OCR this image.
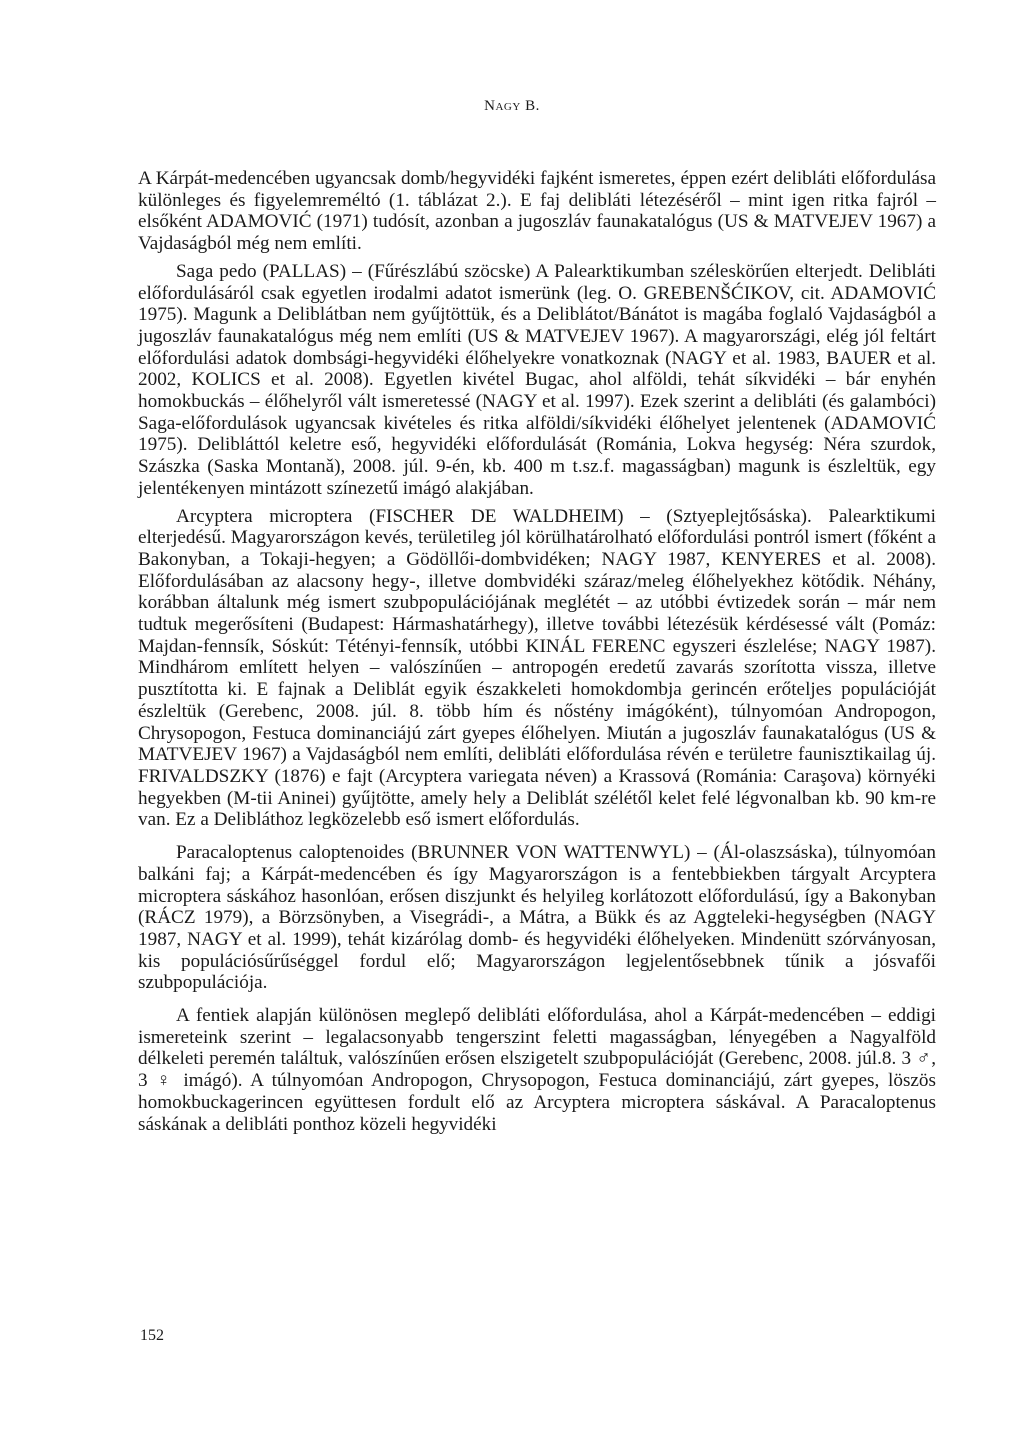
Nagy B.

A Kárpát-medencében ugyancsak domb/hegyvidéki fajként ismeretes, éppen ezért delibláti előfordulása különleges és figyelemreméltó (1. táblázat 2.). E faj delibláti létezéséről – mint igen ritka fajról – elsőként ADAMOVIĆ (1971) tudósít, azonban a jugoszláv faunakatalógus (US & MATVEJEV 1967) a Vajdaságból még nem említi.

Saga pedo (PALLAS) – (Fűrészlábú szöcske) A Palearktikumban széleskörűen elterjedt. Delibláti előfordulásáról csak egyetlen irodalmi adatot ismerünk (leg. O. GREBENŠĆIKOV, cit. ADAMOVIĆ 1975). Magunk a Deliblátban nem gyűjtöttük, és a Deliblátot/Bánátot is magába foglaló Vajdaságból a jugoszláv faunakatalógus még nem említi (US & MATVEJEV 1967). A magyarországi, elég jól feltárt előfordulási adatok dombsági-hegyvidéki élőhelyekre vonatkoznak (NAGY et al. 1983, BAUER et al. 2002, KOLICS et al. 2008). Egyetlen kivétel Bugac, ahol alföldi, tehát síkvidéki – bár enyhén homokbuckás – élőhelyről vált ismeretessé (NAGY et al. 1997). Ezek szerint a delibláti (és galambóci) Saga-előfordulások ugyancsak kivételes és ritka alföldi/síkvidéki élőhelyet jelentenek (ADAMOVIĆ 1975). Delibláttól keletre eső, hegyvidéki előfordulását (Románia, Lokva hegység: Néra szurdok, Szászka (Saska Montanǎ), 2008. júl. 9-én, kb. 400 m t.sz.f. magasságban) magunk is észleltük, egy jelentékenyen mintázott színezetű imágó alakjában.

Arcyptera microptera (FISCHER DE WALDHEIM) – (Sztyeplejtősáska). Palearktikumi elterjedésű. Magyarországon kevés, területileg jól körülhatárolható előfordulási pontról ismert (főként a Bakonyban, a Tokaji-hegyen; a Gödöllői-dombvidéken; NAGY 1987, KENYERES et al. 2008). Előfordulásában az alacsony hegy-, illetve dombvidéki száraz/meleg élőhelyekhez kötődik. Néhány, korábban általunk még ismert szubpopulációjának meglétét – az utóbbi évtizedek során – már nem tudtuk megerősíteni (Budapest: Hármashatárhegy), illetve további létezésük kérdésessé vált (Pomáz: Majdan-fennsík, Sóskút: Tétényi-fennsík, utóbbi KINÁL FERENC egyszeri észlelése; NAGY 1987). Mindhárom említett helyen – valószínűen – antropogén eredetű zavarás szorította vissza, illetve pusztította ki. E fajnak a Deliblát egyik északkeleti homokdombja gerincén erőteljes populációját észleltük (Gerebenc, 2008. júl. 8. több hím és nőstény imágóként), túlnyomóan Andropogon, Chrysopogon, Festuca dominanciájú zárt gyepes élőhelyen. Miután a jugoszláv faunakatalógus (US & MATVEJEV 1967) a Vajdaságból nem említi, delibláti előfordulása révén e területre faunisztikailag új. FRIVALDSZKY (1876) e fajt (Arcyptera variegata néven) a Krassová (Románia: Caraşova) környéki hegyekben (M-tii Aninei) gyűjtötte, amely hely a Deliblát szélétől kelet felé légvonalban kb. 90 km-re van. Ez a Delibláthoz legközelebb eső ismert előfordulás.

Paracaloptenus caloptenoides (BRUNNER VON WATTENWYL) – (Ál-olaszsáska), túlnyomóan balkáni faj; a Kárpát-medencében és így Magyarországon is a fentebbiekben tárgyalt Arcyptera microptera sáskához hasonlóan, erősen diszjunkt és helyileg korlátozott előfordulású, így a Bakonyban (RÁCZ 1979), a Börzsönyben, a Visegrádi-, a Mátra, a Bükk és az Aggteleki-hegységben (NAGY 1987, NAGY et al. 1999), tehát kizárólag domb- és hegyvidéki élőhelyeken. Mindenütt szórványosan, kis populációsűrűséggel fordul elő; Magyarországon legjelentősebbnek tűnik a jósvafői szubpopulációja.

A fentiek alapján különösen meglepő delibláti előfordulása, ahol a Kárpát-medencében – eddigi ismereteink szerint – legalacsonyabb tengerszint feletti magasságban, lényegében a Nagyalföld délkeleti peremén találtuk, valószínűen erősen elszigetelt szubpopulációját (Gerebenc, 2008. júl.8. 3 ♂, 3 ♀ imágó). A túlnyomóan Andropogon, Chrysopogon, Festuca dominanciájú, zárt gyepes, löszös homokbuckagerincen együttesen fordult elő az Arcyptera microptera sáskával. A Paracaloptenus sáskának a delibláti ponthoz közeli hegyvidéki

152
